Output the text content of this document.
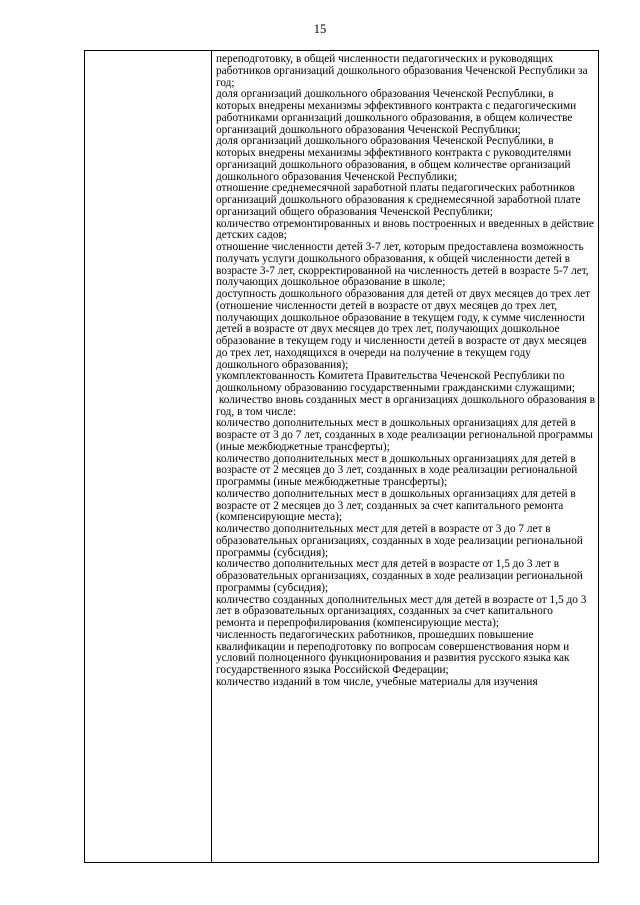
15

переподготовку, в общей численности педагогических и руководящих работников организаций дошкольного образования Чеченской Республики за год;

доля организаций дошкольного образования Чеченской Республики, в которых внедрены механизмы эффективного контракта с педагогическими работниками организаций дошкольного образования, в общем количестве организаций дошкольного образования Чеченской Республики;

доля организаций дошкольного образования Чеченской Республики, в которых внедрены механизмы эффективного контракта с руководителями организаций дошкольного образования, в общем количестве организаций дошкольного образования Чеченской Республики;

отношение среднемесячной заработной платы педагогических работников организаций дошкольного образования к среднемесячной заработной плате организаций общего образования Чеченской Республики;

количество отремонтированных и вновь построенных и введенных в действие детских садов;

отношение численности детей 3-7 лет, которым предоставлена возможность получать услуги дошкольного образования, к общей численности детей в возрасте 3-7 лет, скорректированной на численность детей в возрасте 5-7 лет, получающих дошкольное образование в школе;

доступность дошкольного образования для детей от двух месяцев до трех лет (отношение численности детей в возрасте от двух месяцев до трех лет, получающих дошкольное образование в текущем году, к сумме численности детей в возрасте от двух месяцев до трех лет, получающих дошкольное образование в текущем году и численности детей в возрасте от двух месяцев до трех лет, находящихся в очереди на получение в текущем году дошкольного образования);

укомплектованность Комитета Правительства Чеченской Республики по дошкольному образованию государственными гражданскими служащими;

количество вновь созданных мест в организациях дошкольного образования в год, в том числе:

количество дополнительных мест в дошкольных организациях для детей в возрасте от 3 до 7 лет, созданных в ходе реализации региональной программы (иные межбюджетные трансферты);

количество дополнительных мест в дошкольных организациях для детей в возрасте от 2 месяцев до 3 лет, созданных в ходе реализации региональной программы (иные межбюджетные трансферты);

количество дополнительных мест в дошкольных организациях для детей в возрасте от 2 месяцев до 3 лет, созданных за счет капитального ремонта (компенсирующие места);

количество дополнительных мест для детей в возрасте от 3 до 7 лет в образовательных организациях, созданных в ходе реализации региональной программы (субсидия);

количество дополнительных мест для детей в возрасте от 1,5 до 3 лет в образовательных организациях, созданных в ходе реализации региональной программы (субсидия);

количество созданных дополнительных мест для детей в возрасте от 1,5 до 3 лет в образовательных организациях, созданных за счет капитального ремонта и перепрофилирования (компенсирующие места);

численность педагогических работников, прошедших повышение квалификации и переподготовку по вопросам совершенствования норм и условий полноценного функционирования и развития русского языка как государственного языка Российской Федерации;

количество изданий в том числе, учебные материалы для изучения
